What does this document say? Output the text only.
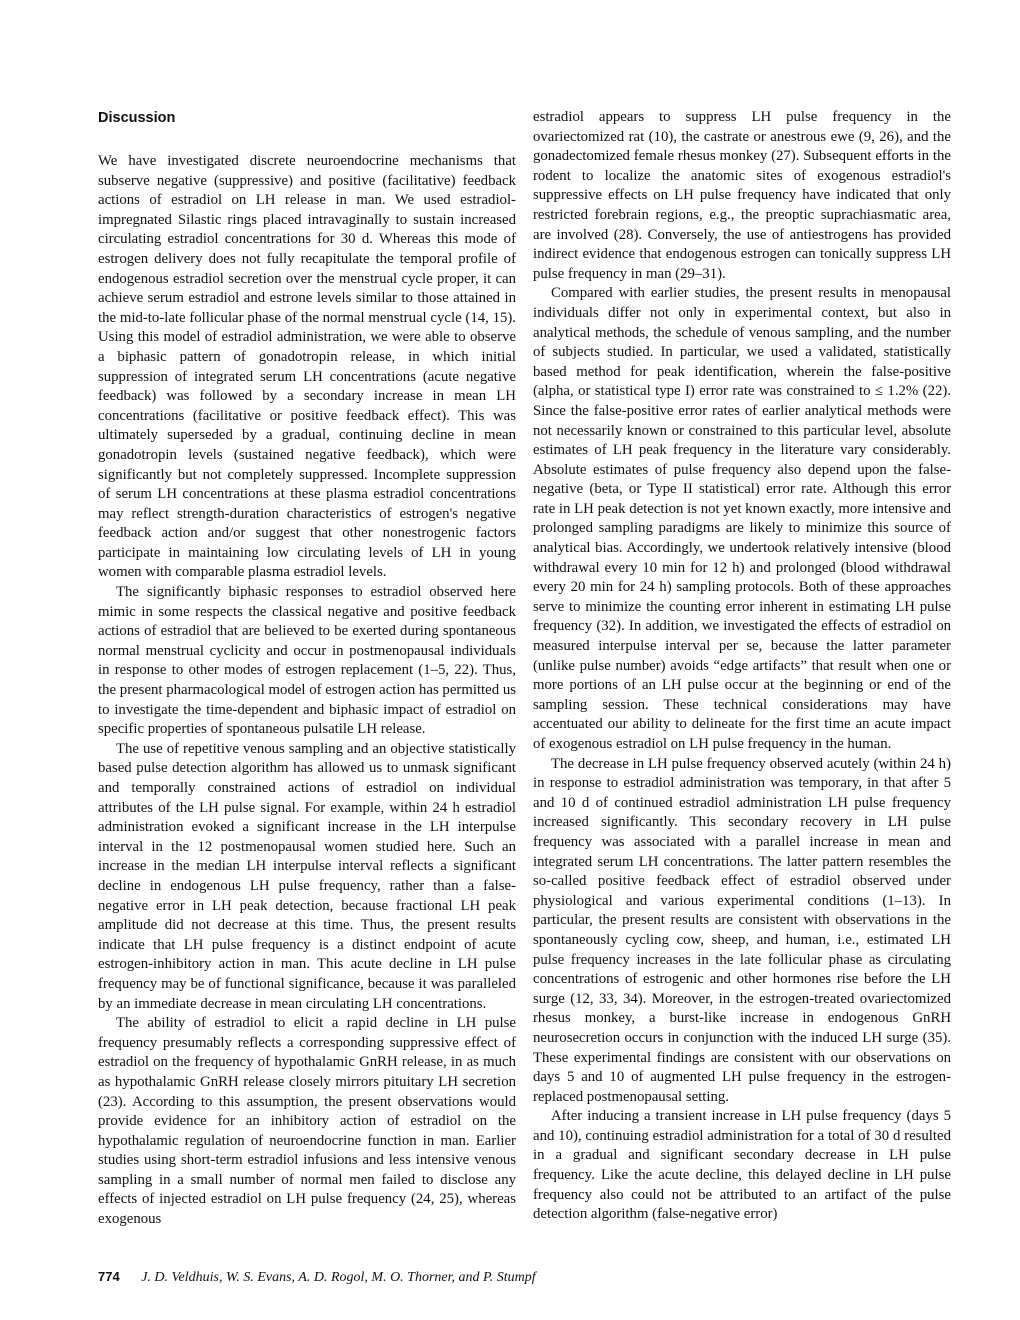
Discussion

We have investigated discrete neuroendocrine mechanisms that subserve negative (suppressive) and positive (facilitative) feedback actions of estradiol on LH release in man. We used estradiol-impregnated Silastic rings placed intravaginally to sustain increased circulating estradiol concentrations for 30 d. Whereas this mode of estrogen delivery does not fully recapitulate the temporal profile of endogenous estradiol secretion over the menstrual cycle proper, it can achieve serum estradiol and estrone levels similar to those attained in the mid-to-late follicular phase of the normal menstrual cycle (14, 15). Using this model of estradiol administration, we were able to observe a biphasic pattern of gonadotropin release, in which initial suppression of integrated serum LH concentrations (acute negative feedback) was followed by a secondary increase in mean LH concentrations (facilitative or positive feedback effect). This was ultimately superseded by a gradual, continuing decline in mean gonadotropin levels (sustained negative feedback), which were significantly but not completely suppressed. Incomplete suppression of serum LH concentrations at these plasma estradiol concentrations may reflect strength-duration characteristics of estrogen's negative feedback action and/or suggest that other nonestrogenic factors participate in maintaining low circulating levels of LH in young women with comparable plasma estradiol levels.

The significantly biphasic responses to estradiol observed here mimic in some respects the classical negative and positive feedback actions of estradiol that are believed to be exerted during spontaneous normal menstrual cyclicity and occur in postmenopausal individuals in response to other modes of estrogen replacement (1–5, 22). Thus, the present pharmacological model of estrogen action has permitted us to investigate the time-dependent and biphasic impact of estradiol on specific properties of spontaneous pulsatile LH release.

The use of repetitive venous sampling and an objective statistically based pulse detection algorithm has allowed us to unmask significant and temporally constrained actions of estradiol on individual attributes of the LH pulse signal. For example, within 24 h estradiol administration evoked a significant increase in the LH interpulse interval in the 12 postmenopausal women studied here. Such an increase in the median LH interpulse interval reflects a significant decline in endogenous LH pulse frequency, rather than a false-negative error in LH peak detection, because fractional LH peak amplitude did not decrease at this time. Thus, the present results indicate that LH pulse frequency is a distinct endpoint of acute estrogen-inhibitory action in man. This acute decline in LH pulse frequency may be of functional significance, because it was paralleled by an immediate decrease in mean circulating LH concentrations.

The ability of estradiol to elicit a rapid decline in LH pulse frequency presumably reflects a corresponding suppressive effect of estradiol on the frequency of hypothalamic GnRH release, in as much as hypothalamic GnRH release closely mirrors pituitary LH secretion (23). According to this assumption, the present observations would provide evidence for an inhibitory action of estradiol on the hypothalamic regulation of neuroendocrine function in man. Earlier studies using short-term estradiol infusions and less intensive venous sampling in a small number of normal men failed to disclose any effects of injected estradiol on LH pulse frequency (24, 25), whereas exogenous

estradiol appears to suppress LH pulse frequency in the ovariectomized rat (10), the castrate or anestrous ewe (9, 26), and the gonadectomized female rhesus monkey (27). Subsequent efforts in the rodent to localize the anatomic sites of exogenous estradiol's suppressive effects on LH pulse frequency have indicated that only restricted forebrain regions, e.g., the preoptic suprachiasmatic area, are involved (28). Conversely, the use of antiestrogens has provided indirect evidence that endogenous estrogen can tonically suppress LH pulse frequency in man (29–31).

Compared with earlier studies, the present results in menopausal individuals differ not only in experimental context, but also in analytical methods, the schedule of venous sampling, and the number of subjects studied. In particular, we used a validated, statistically based method for peak identification, wherein the false-positive (alpha, or statistical type I) error rate was constrained to ≤ 1.2% (22). Since the false-positive error rates of earlier analytical methods were not necessarily known or constrained to this particular level, absolute estimates of LH peak frequency in the literature vary considerably. Absolute estimates of pulse frequency also depend upon the false-negative (beta, or Type II statistical) error rate. Although this error rate in LH peak detection is not yet known exactly, more intensive and prolonged sampling paradigms are likely to minimize this source of analytical bias. Accordingly, we undertook relatively intensive (blood withdrawal every 10 min for 12 h) and prolonged (blood withdrawal every 20 min for 24 h) sampling protocols. Both of these approaches serve to minimize the counting error inherent in estimating LH pulse frequency (32). In addition, we investigated the effects of estradiol on measured interpulse interval per se, because the latter parameter (unlike pulse number) avoids “edge artifacts” that result when one or more portions of an LH pulse occur at the beginning or end of the sampling session. These technical considerations may have accentuated our ability to delineate for the first time an acute impact of exogenous estradiol on LH pulse frequency in the human.

The decrease in LH pulse frequency observed acutely (within 24 h) in response to estradiol administration was temporary, in that after 5 and 10 d of continued estradiol administration LH pulse frequency increased significantly. This secondary recovery in LH pulse frequency was associated with a parallel increase in mean and integrated serum LH concentrations. The latter pattern resembles the so-called positive feedback effect of estradiol observed under physiological and various experimental conditions (1–13). In particular, the present results are consistent with observations in the spontaneously cycling cow, sheep, and human, i.e., estimated LH pulse frequency increases in the late follicular phase as circulating concentrations of estrogenic and other hormones rise before the LH surge (12, 33, 34). Moreover, in the estrogen-treated ovariectomized rhesus monkey, a burst-like increase in endogenous GnRH neurosecretion occurs in conjunction with the induced LH surge (35). These experimental findings are consistent with our observations on days 5 and 10 of augmented LH pulse frequency in the estrogen-replaced postmenopausal setting.

After inducing a transient increase in LH pulse frequency (days 5 and 10), continuing estradiol administration for a total of 30 d resulted in a gradual and significant secondary decrease in LH pulse frequency. Like the acute decline, this delayed decline in LH pulse frequency also could not be attributed to an artifact of the pulse detection algorithm (false-negative error)

774 J. D. Veldhuis, W. S. Evans, A. D. Rogol, M. O. Thorner, and P. Stumpf
